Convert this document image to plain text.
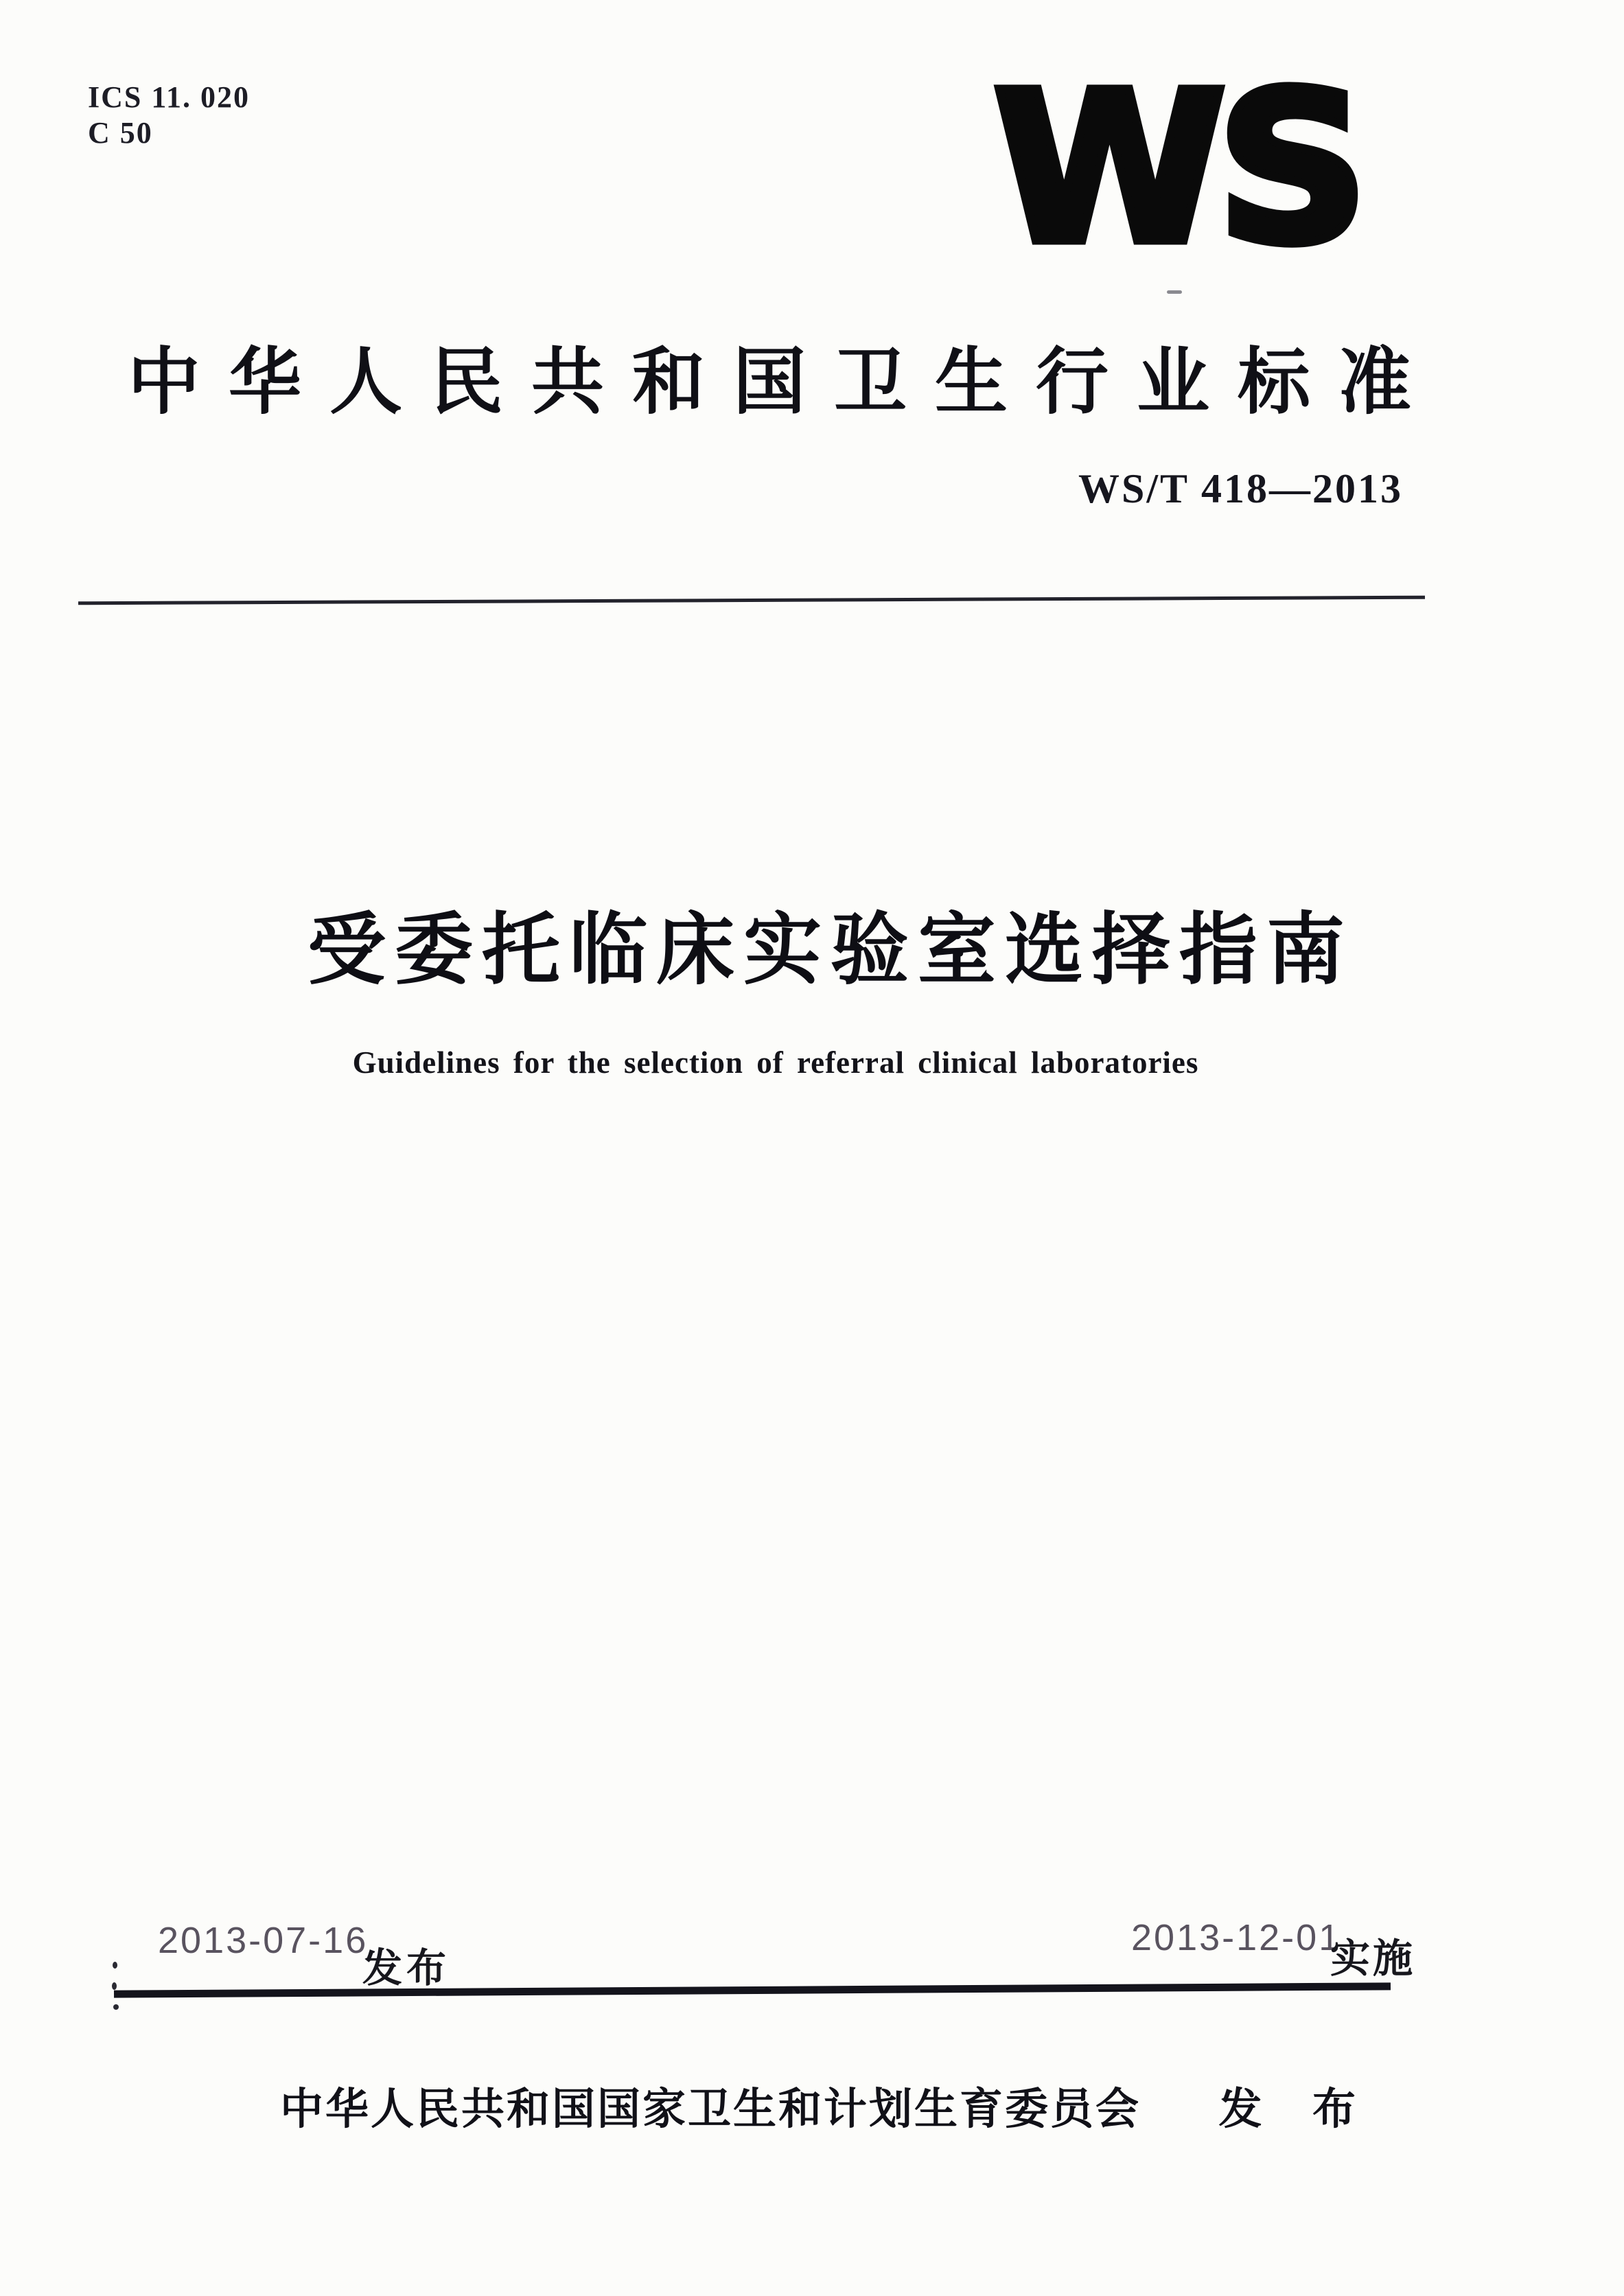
ICS 11. 020
C 50	WS
中华人民共和国卫生行业标准
WS/T 418—2013
受委托临床实验室选择指南
Guidelines for the selection of referral clinical laboratories
2013-07-16
发布
2013-12-01
实施
中华人民共和国国家卫生和计划生育委员会 发 布
